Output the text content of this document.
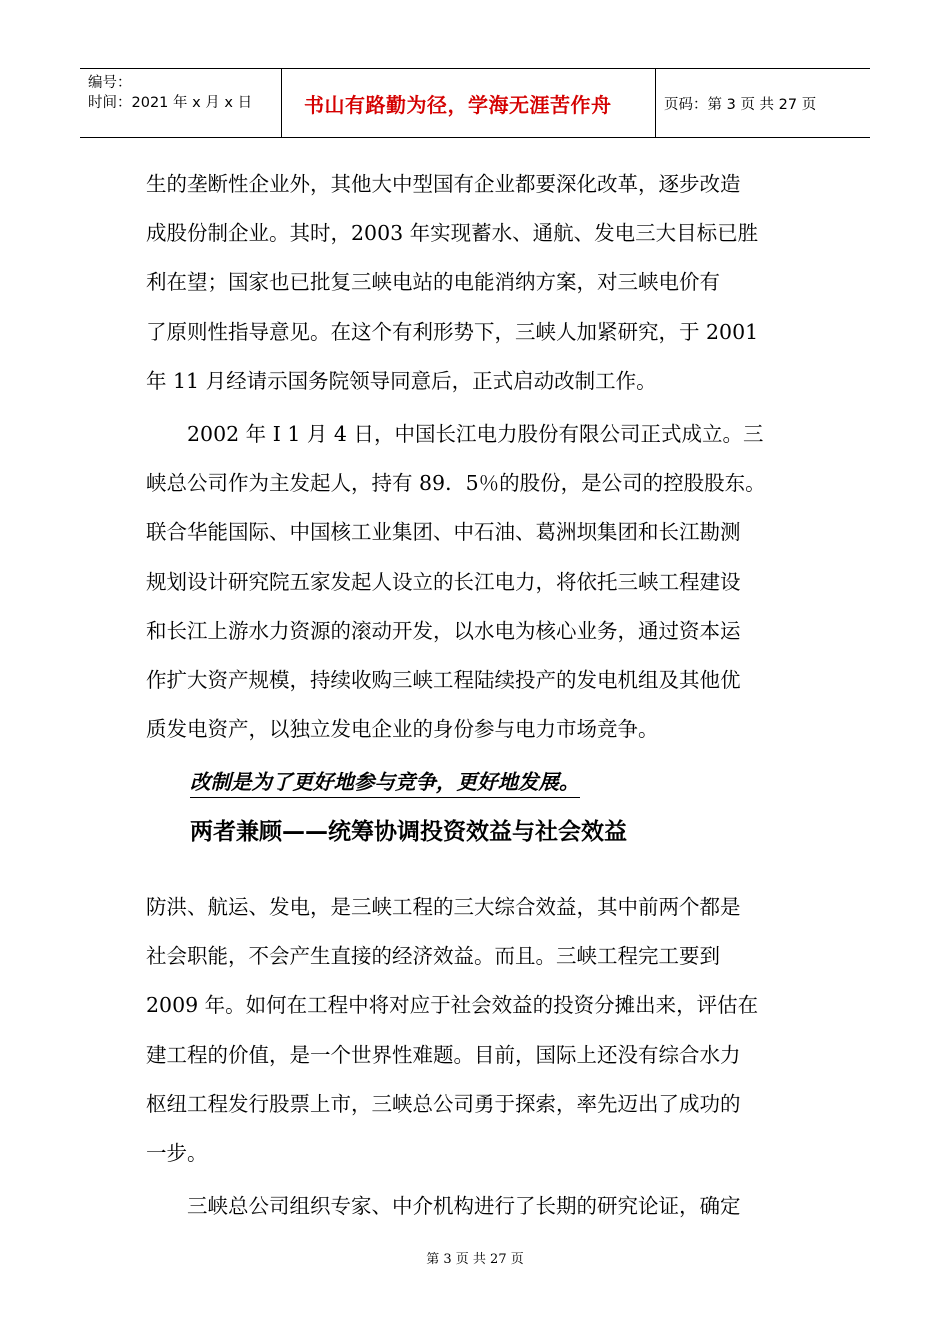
编号：
时间：2021 年 x 月 x 日	书山有路勤为径，学海无涯苦作舟	页码：第 3 页 共 27 页
生的垄断性企业外，其他大中型国有企业都要深化改革，逐步改造
成股份制企业。其时，2003 年实现蓄水、通航、发电三大目标已胜
利在望；国家也已批复三峡电站的电能消纳方案，对三峡电价有
了原则性指导意见。在这个有利形势下，三峡人加紧研究，于 2001
年 11 月经请示国务院领导同意后，正式启动改制工作。
　　2002 年 I 1 月 4 日，中国长江电力股份有限公司正式成立。三
峡总公司作为主发起人，持有 89．5％的股份，是公司的控股股东。
联合华能国际、中国核工业集团、中石油、葛洲坝集团和长江勘测
规划设计研究院五家发起人设立的长江电力，将依托三峡工程建设
和长江上游水力资源的滚动开发，以水电为核心业务，通过资本运
作扩大资产规模，持续收购三峡工程陆续投产的发电机组及其他优
质发电资产，以独立发电企业的身份参与电力市场竞争。
改制是为了更好地参与竞争，更好地发展。
两者兼顾——统筹协调投资效益与社会效益
防洪、航运、发电，是三峡工程的三大综合效益，其中前两个都是
社会职能，不会产生直接的经济效益。而且。三峡工程完工要到
2009 年。如何在工程中将对应于社会效益的投资分摊出来，评估在
建工程的价值，是一个世界性难题。目前，国际上还没有综合水力
枢纽工程发行股票上市，三峡总公司勇于探索，率先迈出了成功的
一步。
　　三峡总公司组织专家、中介机构进行了长期的研究论证，确定
第 3 页 共 27 页
